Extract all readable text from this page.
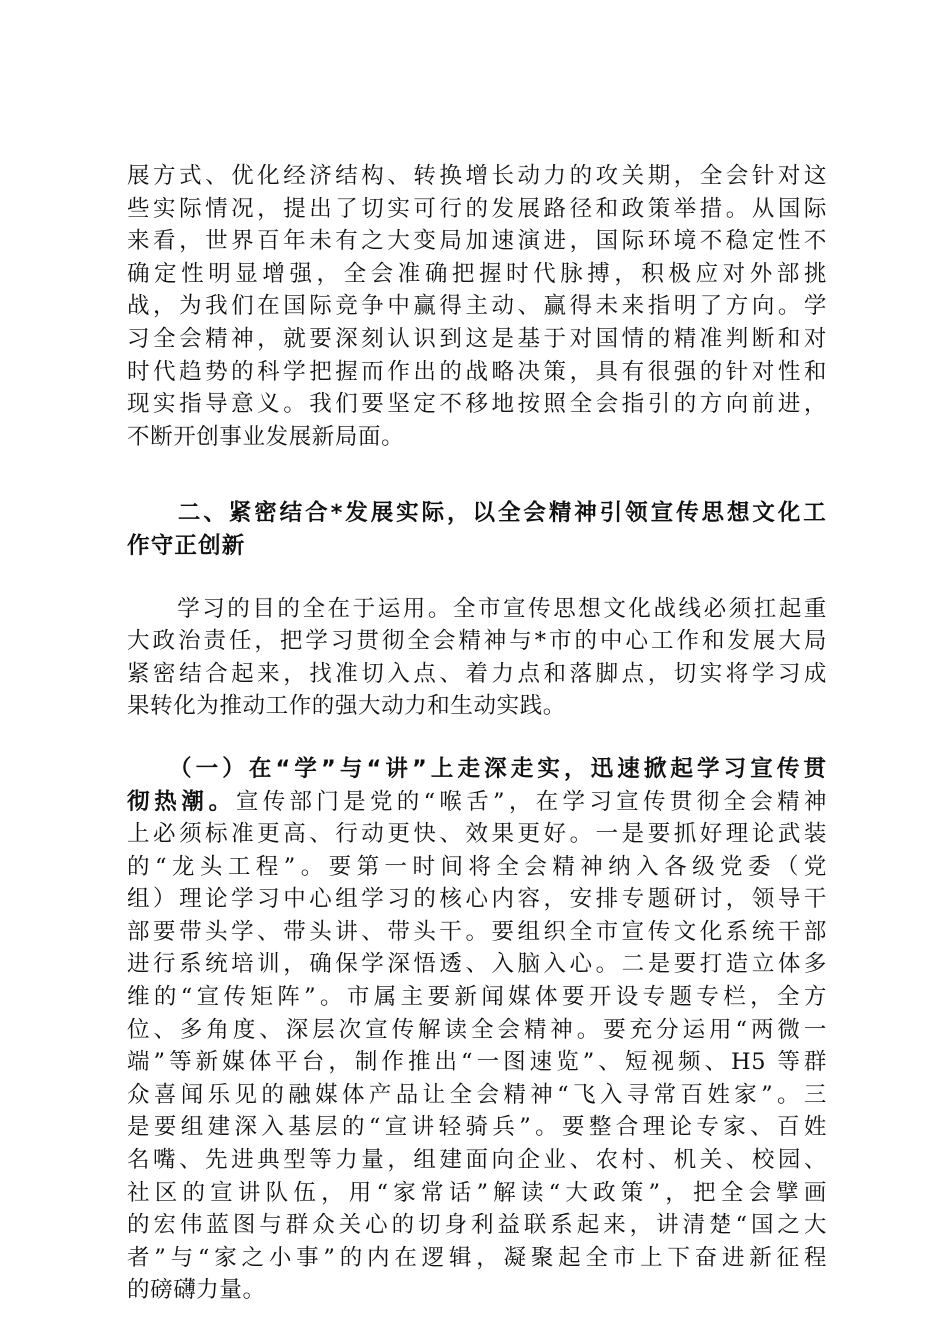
展方式、优化经济结构、转换增长动力的攻关期，全会针对这
些实际情况，提出了切实可行的发展路径和政策举措。从国际
来看，世界百年未有之大变局加速演进，国际环境不稳定性不
确定性明显增强，全会准确把握时代脉搏，积极应对外部挑
战，为我们在国际竞争中赢得主动、赢得未来指明了方向。学
习全会精神，就要深刻认识到这是基于对国情的精准判断和对
时代趋势的科学把握而作出的战略决策，具有很强的针对性和
现实指导意义。我们要坚定不移地按照全会指引的方向前进，
不断开创事业发展新局面。
　　二、紧密结合*发展实际，以全会精神引领宣传思想文化工
作守正创新
　　学习的目的全在于运用。全市宣传思想文化战线必须扛起重
大政治责任，把学习贯彻全会精神与*市的中心工作和发展大局
紧密结合起来，找准切入点、着力点和落脚点，切实将学习成
果转化为推动工作的强大动力和生动实践。
　　（一）在“学”与“讲”上走深走实，迅速掀起学习宣传贯
彻热潮。宣传部门是党的“喉舌”，在学习宣传贯彻全会精神
上必须标准更高、行动更快、效果更好。一是要抓好理论武装
的“龙头工程”。要第一时间将全会精神纳入各级党委（党
组）理论学习中心组学习的核心内容，安排专题研讨，领导干
部要带头学、带头讲、带头干。要组织全市宣传文化系统干部
进行系统培训，确保学深悟透、入脑入心。二是要打造立体多
维的“宣传矩阵”。市属主要新闻媒体要开设专题专栏，全方
位、多角度、深层次宣传解读全会精神。要充分运用“两微一
端”等新媒体平台，制作推出“一图速览”、短视频、H5 等群
众喜闻乐见的融媒体产品让全会精神“飞入寻常百姓家”。三
是要组建深入基层的“宣讲轻骑兵”。要整合理论专家、百姓
名嘴、先进典型等力量，组建面向企业、农村、机关、校园、
社区的宣讲队伍，用“家常话”解读“大政策”，把全会擘画
的宏伟蓝图与群众关心的切身利益联系起来，讲清楚“国之大
者”与“家之小事”的内在逻辑，凝聚起全市上下奋进新征程
的磅礴力量。
